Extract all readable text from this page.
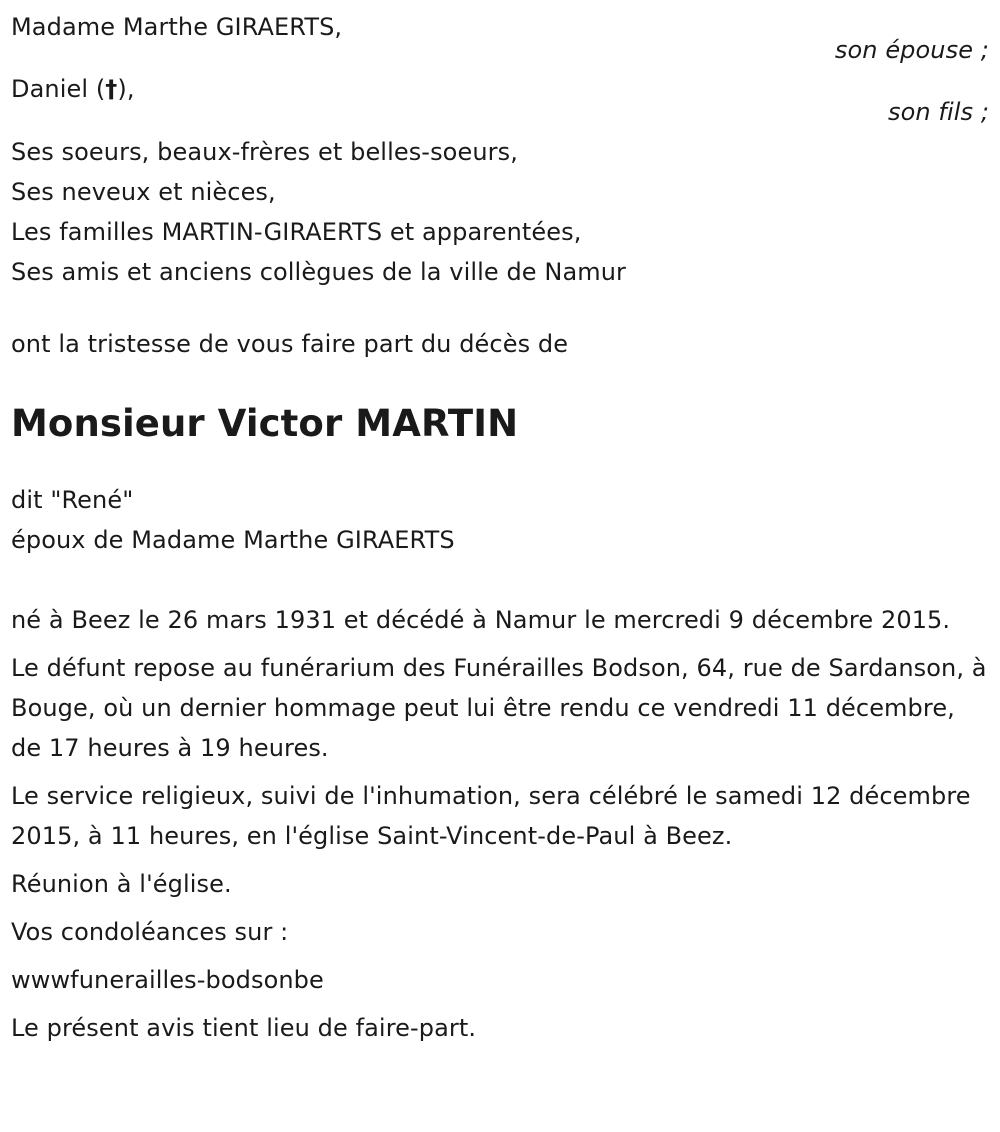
Madame Marthe GIRAERTS,
son épouse ;
Daniel (†),
son fils ;
Ses soeurs, beaux-frères et belles-soeurs,
Ses neveux et nièces,
Les familles MARTIN-GIRAERTS et apparentées,
Ses amis et anciens collègues de la ville de Namur
ont la tristesse de vous faire part du décès de
Monsieur Victor MARTIN
dit "René"
époux de Madame Marthe GIRAERTS

né à Beez le 26 mars 1931 et décédé à Namur le mercredi 9 décembre 2015.

Le défunt repose au funérarium des Funérailles Bodson, 64, rue de Sardanson, à Bouge, où un dernier hommage peut lui être rendu ce vendredi 11 décembre, de 17 heures à 19 heures.

Le service religieux, suivi de l'inhumation, sera célébré le samedi 12 décembre 2015, à 11 heures, en l'église Saint-Vincent-de-Paul à Beez.

Réunion à l'église.

Vos condoléances sur :

wwwfunerailles-bodsonbe

Le présent avis tient lieu de faire-part.
